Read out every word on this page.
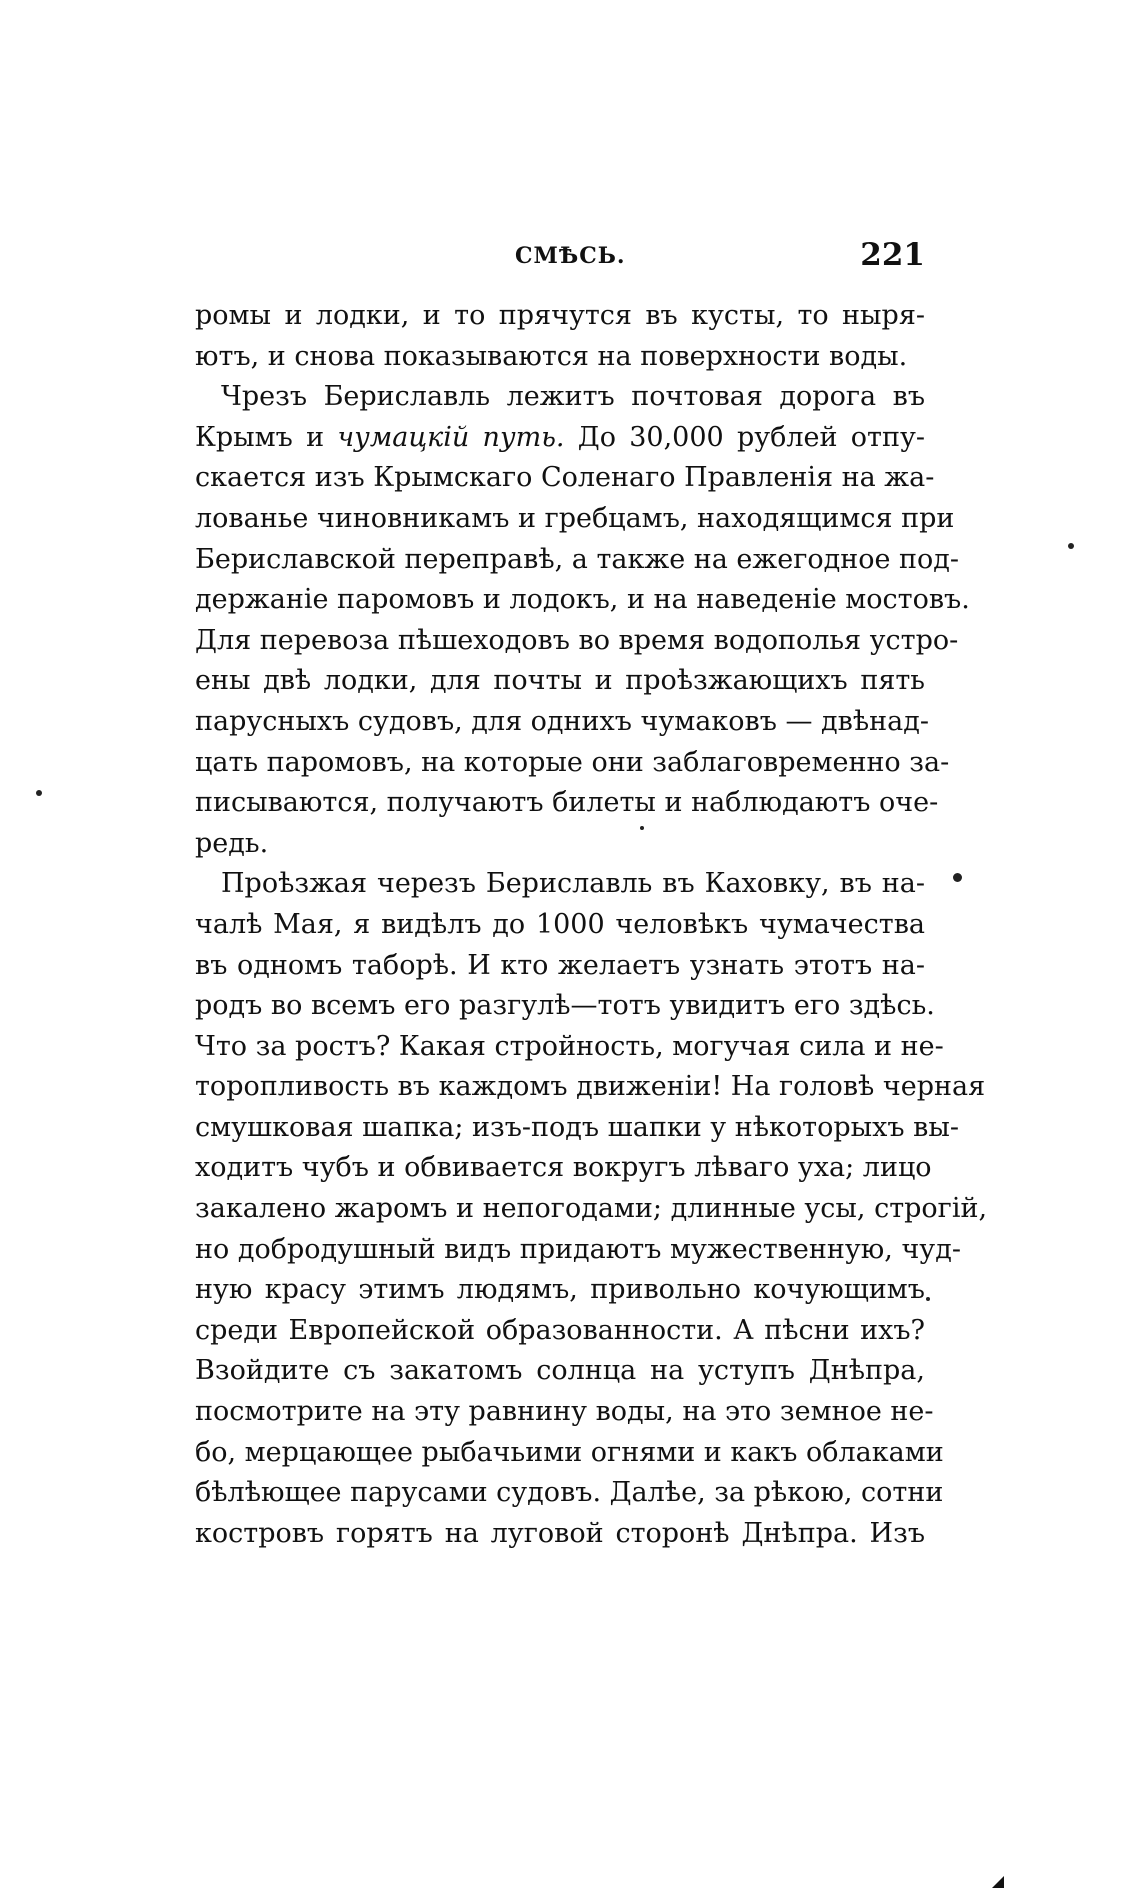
СМѢСЬ.	221
ромы и лодки, и то прячутся въ кусты, то ныря-
ютъ, и снова показываются на поверхности воды.
Чрезъ Бериславль лежитъ почтовая дорога въ
Крымъ и чумацкій путь. До 30,000 рублей отпу-
скается изъ Крымскаго Соленаго Правленія на жа-
лованье чиновникамъ и гребцамъ, находящимся при
Бериславской переправѣ, а также на ежегодное под-
держаніе паромовъ и лодокъ, и на наведеніе мостовъ.
Для перевоза пѣшеходовъ во время водополья устро-
ены двѣ лодки, для почты и проѣзжающихъ пять
парусныхъ судовъ, для однихъ чумаковъ — двѣнад-
цать паромовъ, на которые они заблаговременно за-
писываются, получаютъ билеты и наблюдаютъ оче-
редь.
Проѣзжая черезъ Бериславль въ Каховку, въ на-
чалѣ Мая, я видѣлъ до 1000 человѣкъ чумачества
въ одномъ таборѣ. И кто желаетъ узнать этотъ на-
родъ во всемъ его разгулѣ—тотъ увидитъ его здѣсь.
Что за ростъ? Какая стройность, могучая сила и не-
торопливость въ каждомъ движеніи! На головѣ черная
смушковая шапка; изъ-подъ шапки у нѣкоторыхъ вы-
ходитъ чубъ и обвивается вокругъ лѣваго уха; лицо
закалено жаромъ и непогодами; длинные усы, строгій,
но добродушный видъ придаютъ мужественную, чуд-
ную красу этимъ людямъ, привольно кочующимъ
среди Европейской образованности. А пѣсни ихъ?
Взойдите съ закатомъ солнца на уступъ Днѣпра,
посмотрите на эту равнину воды, на это земное не-
бо, мерцающее рыбачьими огнями и какъ облаками
бѣлѣющее парусами судовъ. Далѣе, за рѣкою, сотни
костровъ горятъ на луговой сторонѣ Днѣпра. Изъ
